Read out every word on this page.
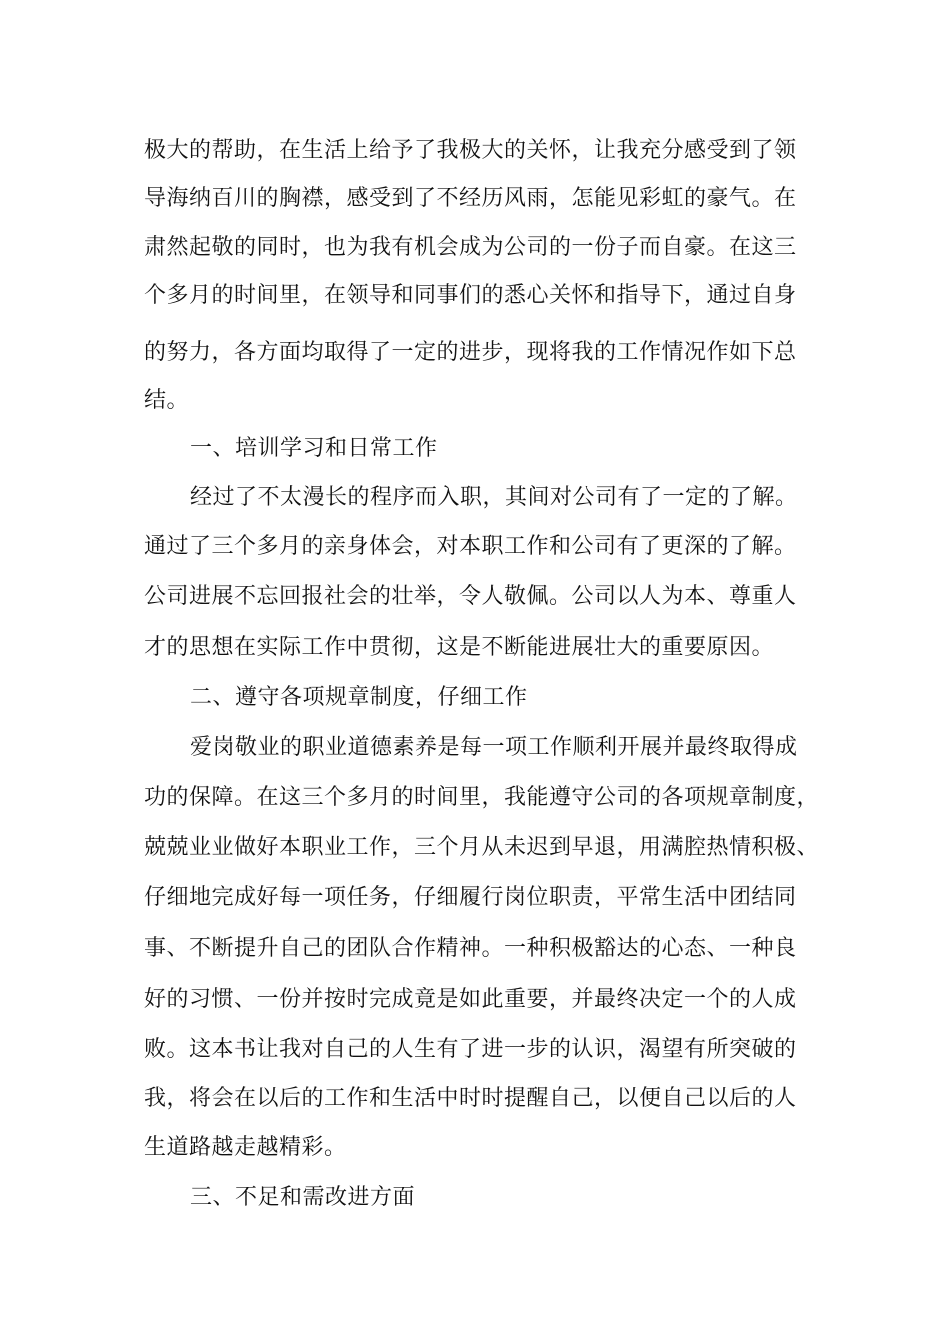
极大的帮助，在生活上给予了我极大的关怀，让我充分感受到了领
导海纳百川的胸襟，感受到了不经历风雨，怎能见彩虹的豪气。在
肃然起敬的同时，也为我有机会成为公司的一份子而自豪。在这三
个多月的时间里，在领导和同事们的悉心关怀和指导下，通过自身
的努力，各方面均取得了一定的进步，现将我的工作情况作如下总
结。
一、培训学习和日常工作
经过了不太漫长的程序而入职，其间对公司有了一定的了解。
通过了三个多月的亲身体会，对本职工作和公司有了更深的了解。
公司进展不忘回报社会的壮举，令人敬佩。公司以人为本、尊重人
才的思想在实际工作中贯彻，这是不断能进展壮大的重要原因。
二、遵守各项规章制度，仔细工作
爱岗敬业的职业道德素养是每一项工作顺利开展并最终取得成
功的保障。在这三个多月的时间里，我能遵守公司的各项规章制度，
兢兢业业做好本职业工作，三个月从未迟到早退，用满腔热情积极、
仔细地完成好每一项任务，仔细履行岗位职责，平常生活中团结同
事、不断提升自己的团队合作精神。一种积极豁达的心态、一种良
好的习惯、一份并按时完成竟是如此重要，并最终决定一个的人成
败。这本书让我对自己的人生有了进一步的认识，渴望有所突破的
我，将会在以后的工作和生活中时时提醒自己，以便自己以后的人
生道路越走越精彩。
三、不足和需改进方面
